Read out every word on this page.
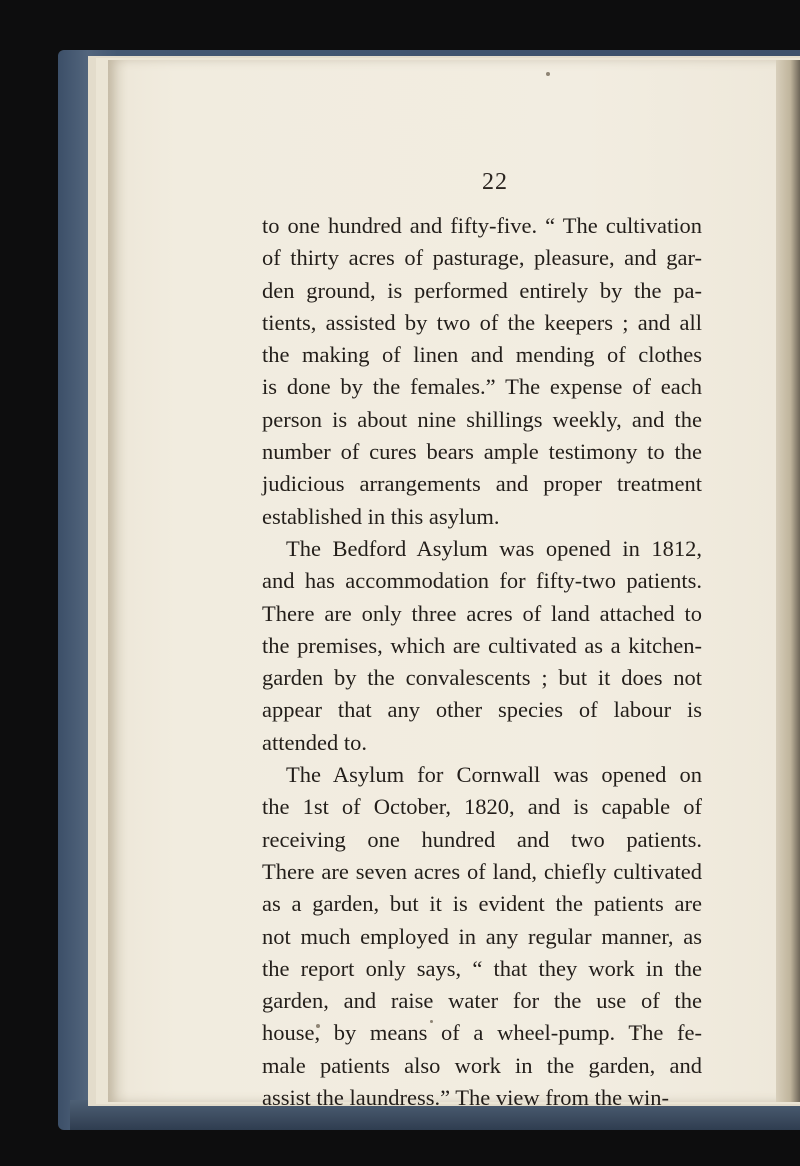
22
to one hundred and fifty-five. “ The cultivation
of thirty acres of pasturage, pleasure, and gar-
den ground, is performed entirely by the pa-
tients, assisted by two of the keepers ; and all
the making of linen and mending of clothes
is done by the females.” The expense of each
person is about nine shillings weekly, and the
number of cures bears ample testimony to the
judicious arrangements and proper treatment
established in this asylum.
The Bedford Asylum was opened in 1812,
and has accommodation for fifty-two patients.
There are only three acres of land attached to
the premises, which are cultivated as a kitchen-
garden by the convalescents ; but it does not
appear that any other species of labour is
attended to.
The Asylum for Cornwall was opened on
the 1st of October, 1820, and is capable of
receiving one hundred and two patients.
There are seven acres of land, chiefly cultivated
as a garden, but it is evident the patients are
not much employed in any regular manner, as
the report only says, “ that they work in the
garden, and raise water for the use of the
house, by means of a wheel-pump. The fe-
male patients also work in the garden, and
assist the laundress.” The view from the win-
